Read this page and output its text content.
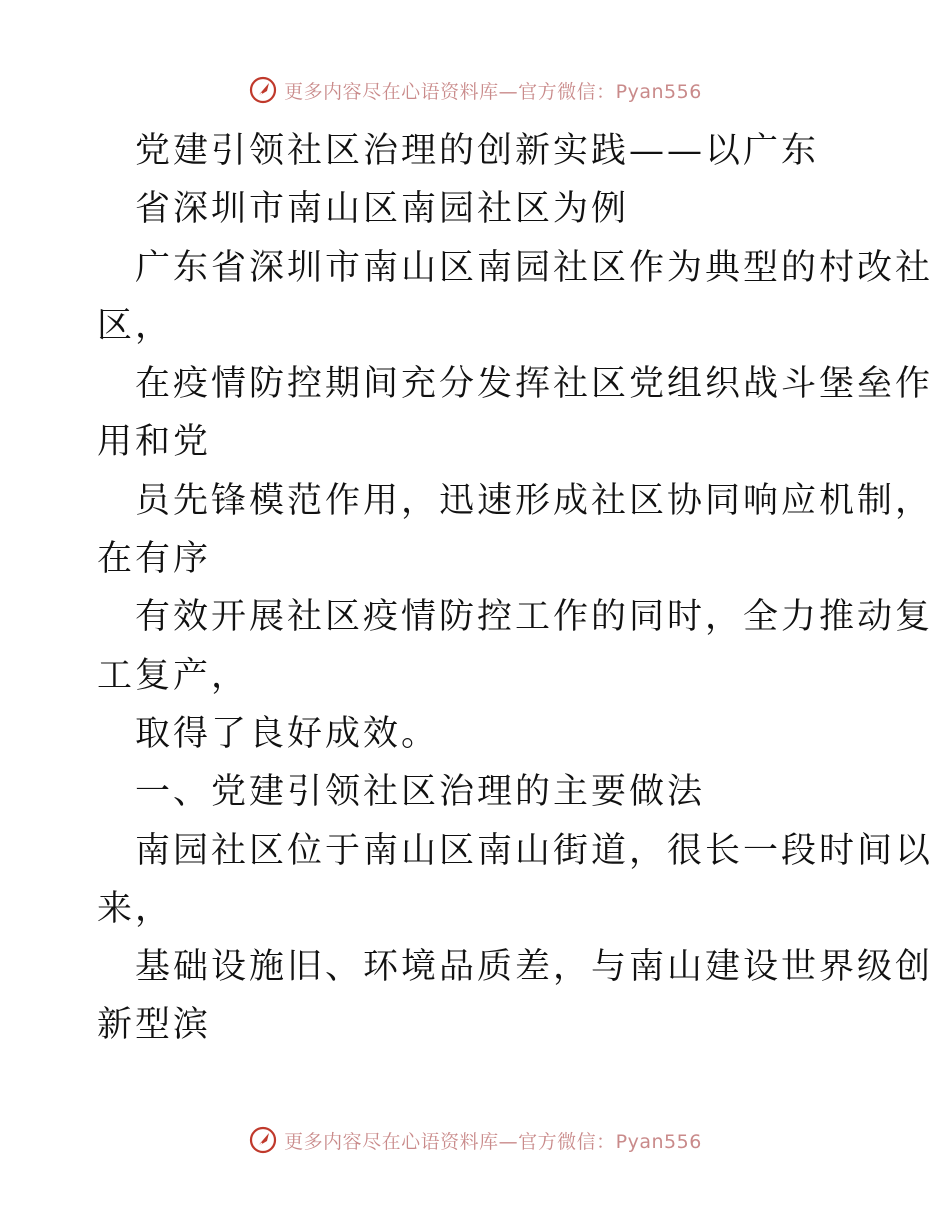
更多内容尽在心语资料库—官方微信：Pyan556
党建引领社区治理的创新实践——以广东
省深圳市南山区南园社区为例
广东省深圳市南山区南园社区作为典型的村改社
区，
在疫情防控期间充分发挥社区党组织战斗堡垒作
用和党
员先锋模范作用，迅速形成社区协同响应机制，
在有序
有效开展社区疫情防控工作的同时，全力推动复
工复产，
取得了良好成效。
一、党建引领社区治理的主要做法
南园社区位于南山区南山街道，很长一段时间以
来，
基础设施旧、环境品质差，与南山建设世界级创
新型滨
更多内容尽在心语资料库—官方微信：Pyan556
